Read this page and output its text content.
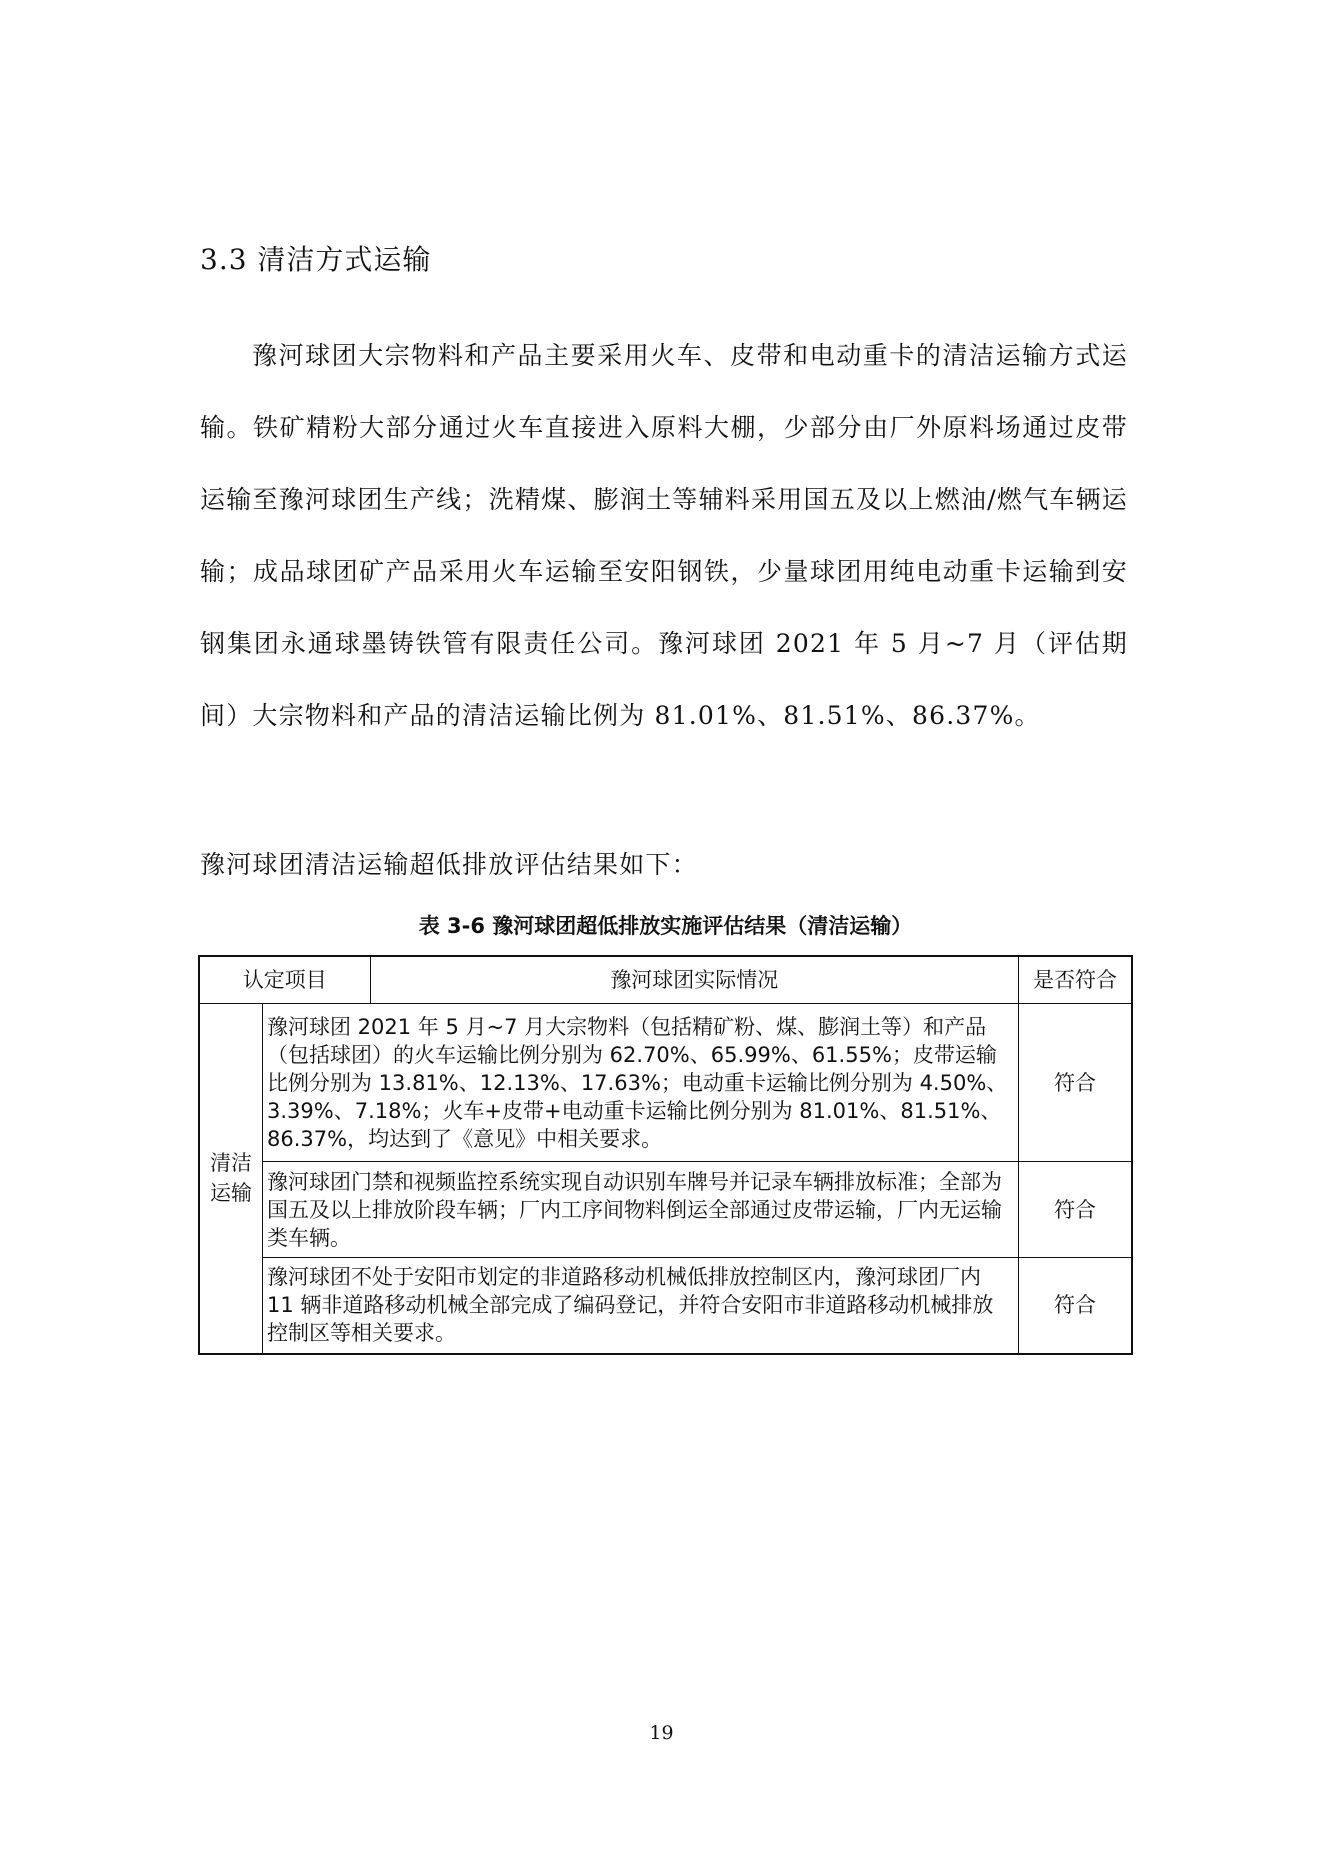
3.3 清洁方式运输

豫河球团大宗物料和产品主要采用火车、皮带和电动重卡的清洁运输方式运输。铁矿精粉大部分通过火车直接进入原料大棚，少部分由厂外原料场通过皮带运输至豫河球团生产线；洗精煤、膨润土等辅料采用国五及以上燃油/燃气车辆运输；成品球团矿产品采用火车运输至安阳钢铁，少量球团用纯电动重卡运输到安钢集团永通球墨铸铁管有限责任公司。豫河球团 2021 年 5 月~7 月（评估期间）大宗物料和产品的清洁运输比例为 81.01%、81.51%、86.37%。

豫河球团清洁运输超低排放评估结果如下：

表 3-6 豫河球团超低排放实施评估结果（清洁运输）

认定项目		豫河球团实际情况	是否符合
清洁运输	豫河球团 2021 年 5 月~7 月大宗物料（包括精矿粉、煤、膨润土等）和产品（包括球团）的火车运输比例分别为 62.70%、65.99%、61.55%；皮带运输比例分别为 13.81%、12.13%、17.63%；电动重卡运输比例分别为 4.50%、3.39%、7.18%；火车+皮带+电动重卡运输比例分别为 81.01%、81.51%、86.37%，均达到了《意见》中相关要求。		符合
	豫河球团门禁和视频监控系统实现自动识别车牌号并记录车辆排放标准；全部为国五及以上排放阶段车辆；厂内工序间物料倒运全部通过皮带运输，厂内无运输类车辆。		符合
	豫河球团不处于安阳市划定的非道路移动机械低排放控制区内，豫河球团厂内 11 辆非道路移动机械全部完成了编码登记，并符合安阳市非道路移动机械排放控制区等相关要求。		符合

19
